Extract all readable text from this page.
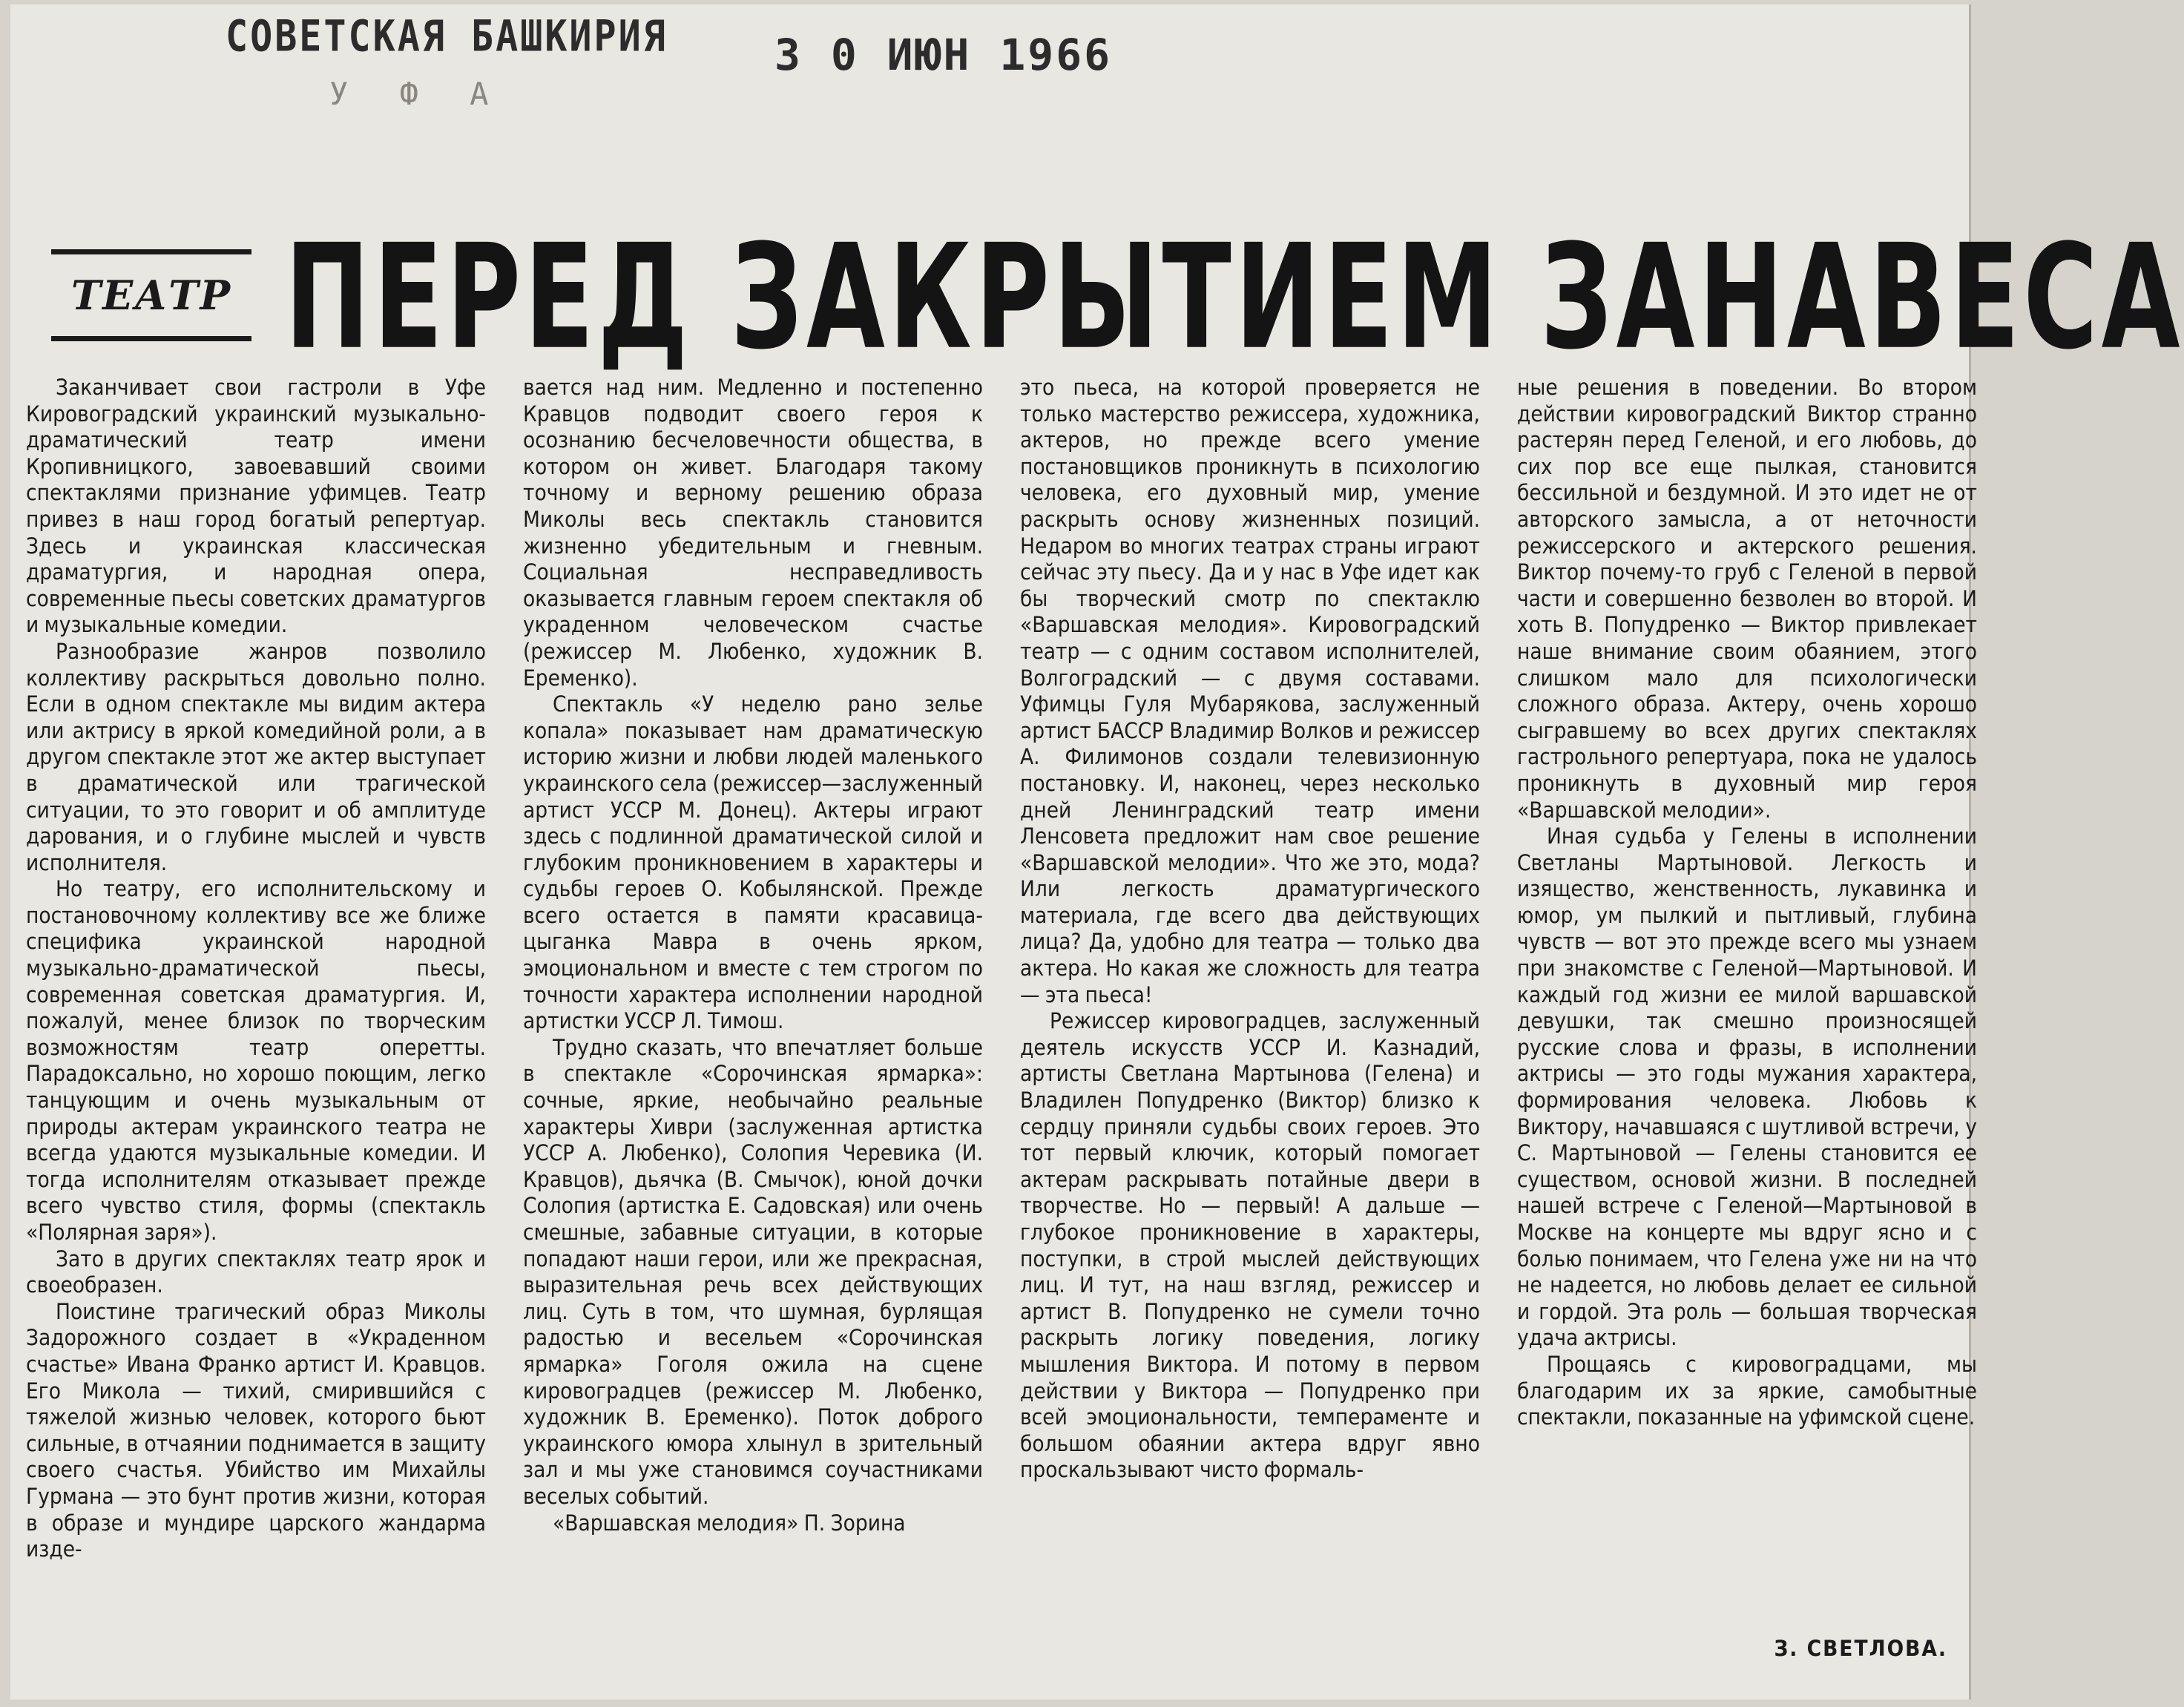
СОВЕТСКАЯ БАШКИРИЯ 3 0 ИЮН 1966
У Ф А
ТЕАТР ПЕРЕД ЗАКРЫТИЕМ ЗАНАВЕСА

Заканчивает свои гастроли в Уфе Кировоградский украинский музыкально-драматический театр имени Кропивницкого, завоевавший своими спектаклями признание уфимцев. Театр привез в наш город богатый репертуар. Здесь и украинская классическая драматургия, и народная опера, современные пьесы советских драматургов и музыкальные комедии.

Разнообразие жанров позволило коллективу раскрыться довольно полно. Если в одном спектакле мы видим актера или актрису в яркой комедийной роли, а в другом спектакле этот же актер выступает в драматической или трагической ситуации, то это говорит и об амплитуде дарования, и о глубине мыслей и чувств исполнителя.

Но театру, его исполнительскому и постановочному коллективу все же ближе специфика украинской народной музыкально-драматической пьесы, современная советская драматургия. И, пожалуй, менее близок по творческим возможностям театр оперетты. Парадоксально, но хорошо поющим, легко танцующим и очень музыкальным от природы актерам украинского театра не всегда удаются музыкальные комедии. И тогда исполнителям отказывает прежде всего чувство стиля, формы (спектакль «Полярная заря»).

Зато в других спектаклях театр ярок и своеобразен.

Поистине трагический образ Миколы Задорожного создает в «Украденном счастье» Ивана Франко артист И. Кравцов. Его Микола — тихий, смирившийся с тяжелой жизнью человек, которого бьют сильные, в отчаянии поднимается в защиту своего счастья. Убийство им Михайлы Гурмана — это бунт против жизни, которая в образе и мундире царского жандарма изде-

вается над ним. Медленно и постепенно Кравцов подводит своего героя к осознанию бесчеловечности общества, в котором он живет. Благодаря такому точному и верному решению образа Миколы весь спектакль становится жизненно убедительным и гневным. Социальная несправедливость оказывается главным героем спектакля об украденном человеческом счастье (режиссер М. Любенко, художник В. Еременко).

Спектакль «У неделю рано зелье копала» показывает нам драматическую историю жизни и любви людей маленького украинского села (режиссер—заслуженный артист УССР М. Донец). Актеры играют здесь с подлинной драматической силой и глубоким проникновением в характеры и судьбы героев О. Кобылянской. Прежде всего остается в памяти красавица-цыганка Мавра в очень ярком, эмоциональном и вместе с тем строгом по точности характера исполнении народной артистки УССР Л. Тимош.

Трудно сказать, что впечатляет больше в спектакле «Сорочинская ярмарка»: сочные, яркие, необычайно реальные характеры Хиври (заслуженная артистка УССР А. Любенко), Солопия Черевика (И. Кравцов), дьячка (В. Смычок), юной дочки Солопия (артистка Е. Садовская) или очень смешные, забавные ситуации, в которые попадают наши герои, или же прекрасная, выразительная речь всех действующих лиц. Суть в том, что шумная, бурлящая радостью и весельем «Сорочинская ярмарка» Гоголя ожила на сцене кировоградцев (режиссер М. Любенко, художник В. Еременко). Поток доброго украинского юмора хлынул в зрительный зал и мы уже становимся соучастниками веселых событий.

«Варшавская мелодия» П. Зорина

это пьеса, на которой проверяется не только мастерство режиссера, художника, актеров, но прежде всего умение постановщиков проникнуть в психологию человека, его духовный мир, умение раскрыть основу жизненных позиций. Недаром во многих театрах страны играют сейчас эту пьесу. Да и у нас в Уфе идет как бы творческий смотр по спектаклю «Варшавская мелодия». Кировоградский театр — с одним составом исполнителей, Волгоградский — с двумя составами. Уфимцы Гуля Мубарякова, заслуженный артист БАССР Владимир Волков и режиссер А. Филимонов создали телевизионную постановку. И, наконец, через несколько дней Ленинградский театр имени Ленсовета предложит нам свое решение «Варшавской мелодии». Что же это, мода? Или легкость драматургического материала, где всего два действующих лица? Да, удобно для театра — только два актера. Но какая же сложность для театра — эта пьеса!

Режиссер кировоградцев, заслуженный деятель искусств УССР И. Казнадий, артисты Светлана Мартынова (Гелена) и Владилен Попудренко (Виктор) близко к сердцу приняли судьбы своих героев. Это тот первый ключик, который помогает актерам раскрывать потайные двери в творчестве. Но — первый! А дальше — глубокое проникновение в характеры, поступки, в строй мыслей действующих лиц. И тут, на наш взгляд, режиссер и артист В. Попудренко не сумели точно раскрыть логику поведения, логику мышления Виктора. И потому в первом действии у Виктора — Попудренко при всей эмоциональности, темпераменте и большом обаянии актера вдруг явно проскальзывают чисто формаль-

ные решения в поведении. Во втором действии кировоградский Виктор странно растерян перед Геленой, и его любовь, до сих пор все еще пылкая, становится бессильной и бездумной. И это идет не от авторского замысла, а от неточности режиссерского и актерского решения. Виктор почему-то груб с Геленой в первой части и совершенно безволен во второй. И хоть В. Попудренко — Виктор привлекает наше внимание своим обаянием, этого слишком мало для психологически сложного образа. Актеру, очень хорошо сыгравшему во всех других спектаклях гастрольного репертуара, пока не удалось проникнуть в духовный мир героя «Варшавской мелодии».

Иная судьба у Гелены в исполнении Светланы Мартыновой. Легкость и изящество, женственность, лукавинка и юмор, ум пылкий и пытливый, глубина чувств — вот это прежде всего мы узнаем при знакомстве с Геленой—Мартыновой. И каждый год жизни ее милой варшавской девушки, так смешно произносящей русские слова и фразы, в исполнении актрисы — это годы мужания характера, формирования человека. Любовь к Виктору, начавшаяся с шутливой встречи, у С. Мартыновой — Гелены становится ее существом, основой жизни. В последней нашей встрече с Геленой—Мартыновой в Москве на концерте мы вдруг ясно и с болью понимаем, что Гелена уже ни на что не надеется, но любовь делает ее сильной и гордой. Эта роль — большая творческая удача актрисы.

Прощаясь с кировоградцами, мы благодарим их за яркие, самобытные спектакли, показанные на уфимской сцене.

З. СВЕТЛОВА.
